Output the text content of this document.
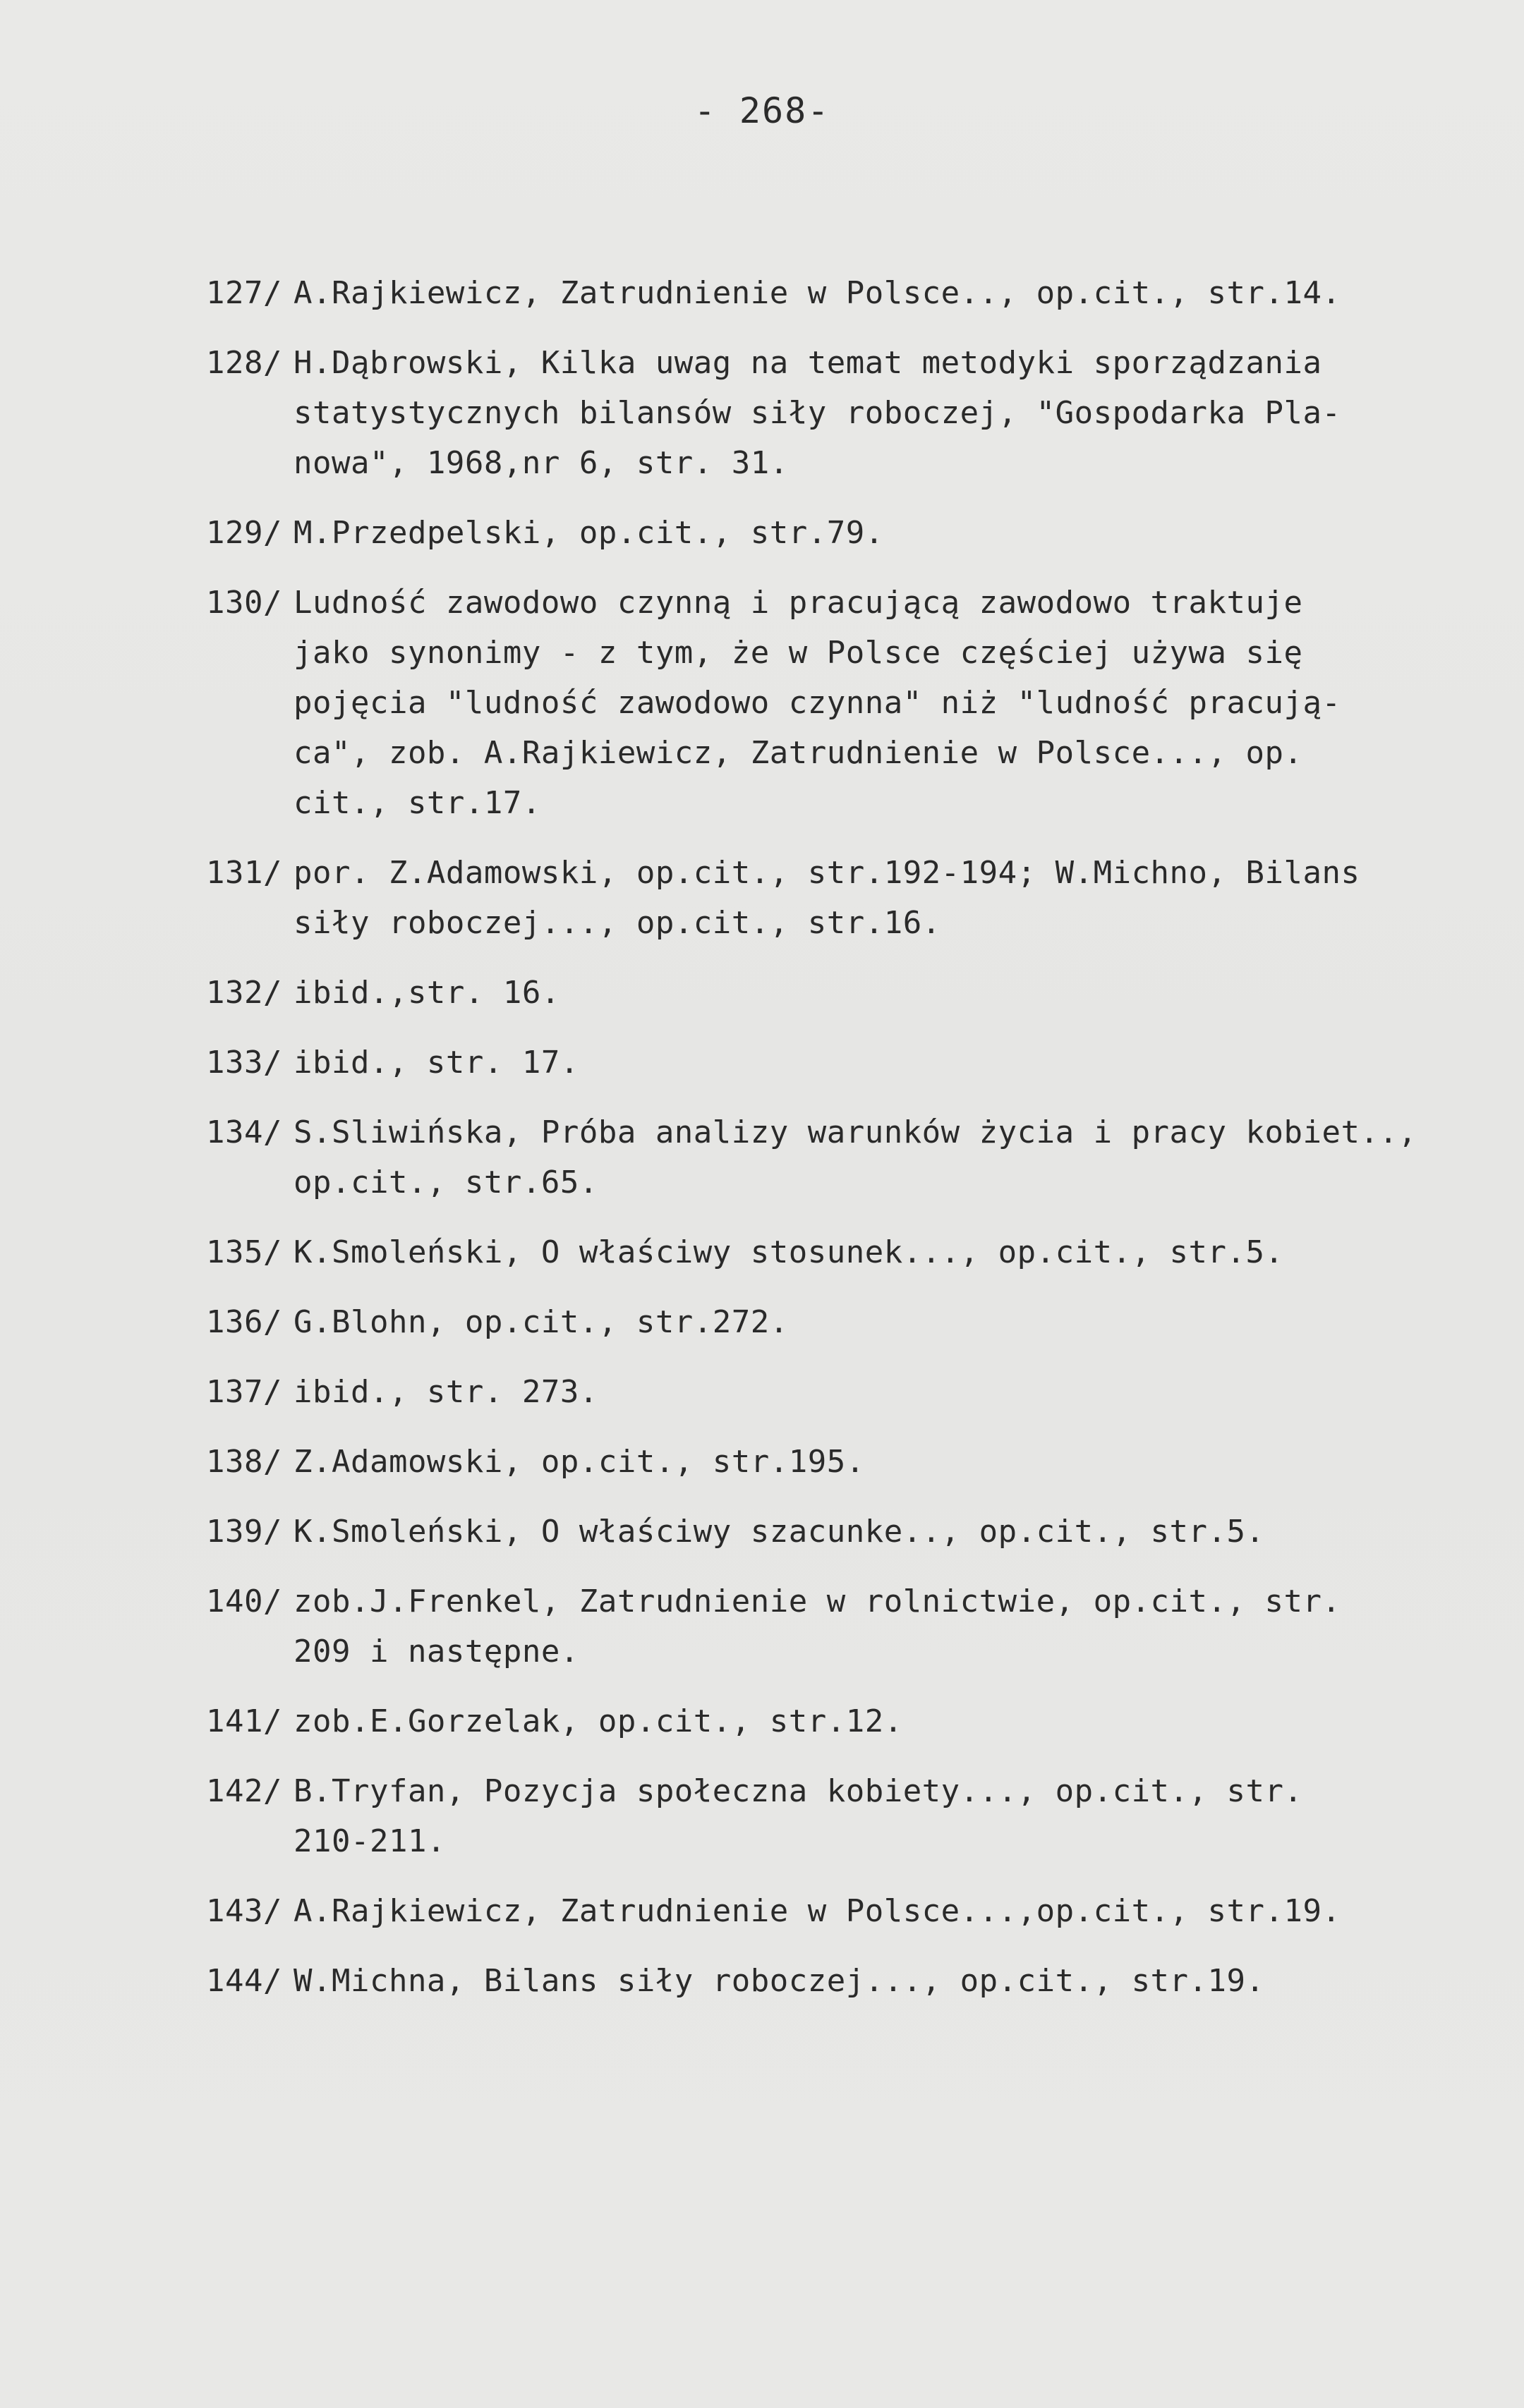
- 268-
127/ A.Rajkiewicz, Zatrudnienie w Polsce.., op.cit., str.14.
128/ H.Dąbrowski, Kilka uwag na temat metodyki sporządzania
statystycznych bilansów siły roboczej, "Gospodarka Pla-
nowa", 1968,nr 6, str. 31.
129/ M.Przedpelski, op.cit., str.79.
130/ Ludność zawodowo czynną i pracującą zawodowo traktuje
jako synonimy - z tym, że w Polsce częściej używa się
pojęcia "ludność zawodowo czynna" niż "ludność pracują-
ca", zob. A.Rajkiewicz, Zatrudnienie w Polsce..., op.
cit., str.17.
131/ por. Z.Adamowski, op.cit., str.192-194; W.Michno, Bilans
siły roboczej..., op.cit., str.16.
132/ ibid.,str. 16.
133/ ibid., str. 17.
134/ S.Sliwińska, Próba analizy warunków życia i pracy kobiet..,
op.cit., str.65.
135/ K.Smoleński, O właściwy stosunek..., op.cit., str.5.
136/ G.Blohn, op.cit., str.272.
137/ ibid., str. 273.
138/ Z.Adamowski, op.cit., str.195.
139/ K.Smoleński, O właściwy szacunke.., op.cit., str.5.
140/ zob.J.Frenkel, Zatrudnienie w rolnictwie, op.cit., str.
209 i następne.
141/ zob.E.Gorzelak, op.cit., str.12.
142/ B.Tryfan, Pozycja społeczna kobiety..., op.cit., str.
210-211.
143/ A.Rajkiewicz, Zatrudnienie w Polsce...,op.cit., str.19.
144/ W.Michna, Bilans siły roboczej..., op.cit., str.19.
